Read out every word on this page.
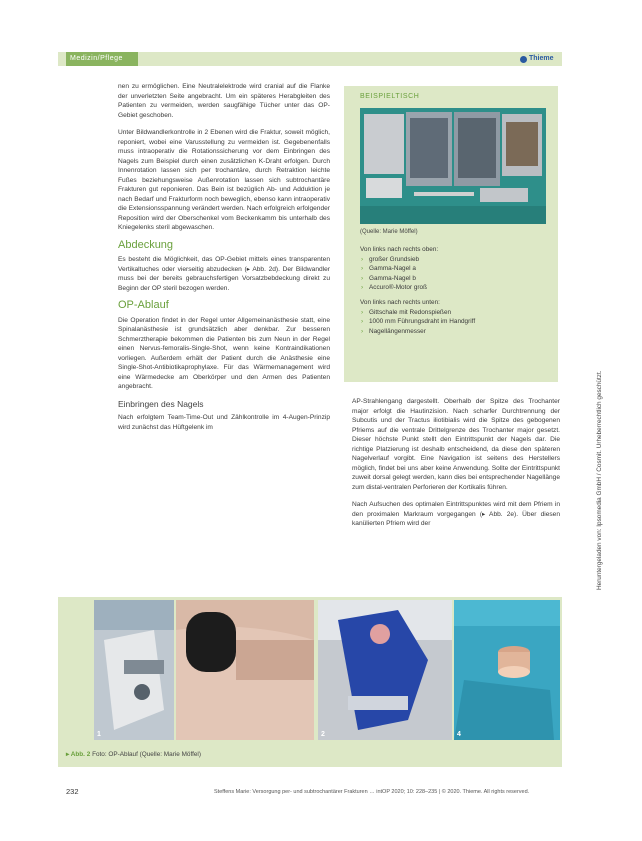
Medizin/Pflege	Thieme

nen zu ermöglichen. Eine Neutralelektrode wird cranial auf die Flanke der unverletzten Seite angebracht. Um ein späteres Herabgleiten des Patienten zu vermeiden, werden saugfähige Tücher unter das OP-Gebiet geschoben.

Unter Bildwandlerkontrolle in 2 Ebenen wird die Fraktur, soweit möglich, reponiert, wobei eine Varusstellung zu vermeiden ist. Gegebenenfalls muss intraoperativ die Rotationssicherung vor dem Einbringen des Nagels zum Beispiel durch einen zusätzlichen K-Draht erfolgen. Durch Innenrotation lassen sich per trochantäre, durch Retraktion leichte Fußes beziehungsweise Außenrotation lassen sich subtrochantäre Frakturen gut reponieren. Das Bein ist bezüglich Ab- und Adduktion je nach Bedarf und Frakturform noch beweglich, ebenso kann intraoperativ die Extensionsspannung verändert werden. Nach erfolgreich erfolgender Reposition wird der Oberschenkel vom Beckenkamm bis unterhalb des Kniegelenks steril abgewaschen.

Abdeckung

Es besteht die Möglichkeit, das OP-Gebiet mittels eines transparenten Vertikaltuches oder vierseitig abzudecken (▸ Abb. 2d). Der Bildwandler muss bei der bereits gebrauchsfertigen Vorsatzbebdeckung direkt zu Beginn der OP steril bezogen werden.

OP-Ablauf

Die Operation findet in der Regel unter Allgemeinanästhesie statt, eine Spinalanästhesie ist grundsätzlich aber denkbar. Zur besseren Schmerztherapie bekommen die Patienten bis zum Neun in der Regel einen Nervus-femoralis-Single-Shot, wenn keine Kontraindikationen vorliegen. Außerdem erhält der Patient durch die Anästhesie eine Single-Shot-Antibiotikaprophylaxe. Für das Wärmemanagement wird eine Wärmedecke am Oberkörper und den Armen des Patienten angebracht.

Einbringen des Nagels

Nach erfolgtem Team-Time-Out und Zählkontrolle im 4-Augen-Prinzip wird zunächst das Hüftgelenk im

BEISPIELTISCH
(Quelle: Marie Möffel)
Von links nach rechts oben:
› großer Grundsieb
› Gamma-Nagel a
› Gamma-Nagel b
› Accuro®-Motor groß
Von links nach rechts unten:
› Gittschale mit Redonspießen
› 1000 mm Führungsdraht im Handgriff
› Nagellängenmesser

AP-Strahlengang dargestellt. Oberhalb der Spitze des Trochanter major erfolgt die Hautinzision. Nach scharfer Durchtrennung der Subcutis und der Tractus iliotibialis wird die Spitze des gebogenen Pfriems auf die ventrale Drittelgrenze des Trochanter major gesetzt. Dieser höchste Punkt stellt den Eintrittspunkt der Nagels dar. Die richtige Platzierung ist deshalb entscheidend, da diese den späteren Nagelverlauf vorgibt. Eine Navigation ist seitens des Herstellers möglich, findet bei uns aber keine Anwendung. Sollte der Eintrittspunkt zuweit dorsal gelegt werden, kann dies bei entsprechender Nagellänge zum distal-ventralen Perforieren der Kortikalis führen.

Nach Aufsuchen des optimalen Eintrittspunktes wird mit dem Pfriem in den proximalen Markraum vorgegangen (▸ Abb. 2e). Über diesen kanülierten Pfriem wird der	Heruntergeladen von: Ipsomedia GmbH / Cosmit. Urheberrechtlich geschützt.
1	2	4
▸ Abb. 2 Foto: OP-Ablauf (Quelle: Marie Möffel)
232	Steffens Marie: Versorgung per- und subtrochantärer Frakturen … intOP 2020; 10: 228–235 | © 2020. Thieme. All rights reserved.
